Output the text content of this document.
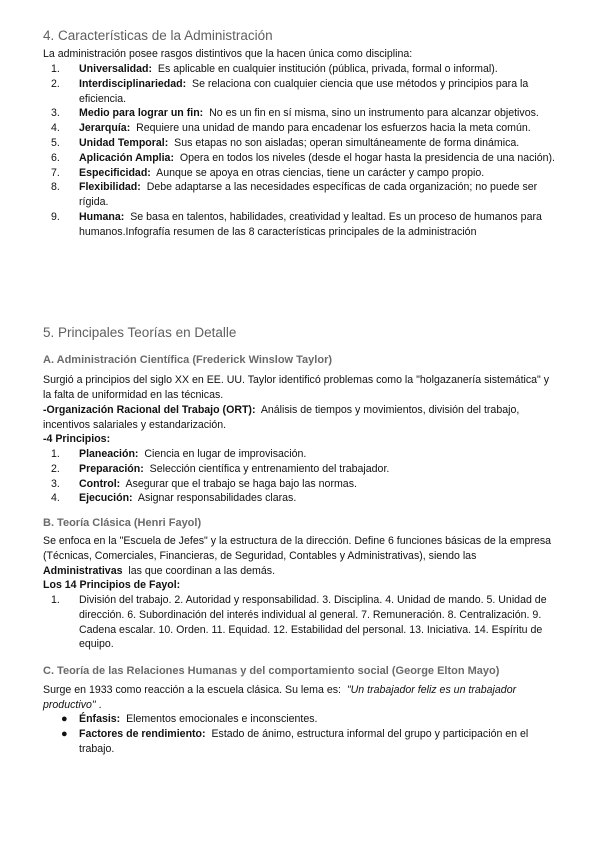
4. Características de la Administración

La administración posee rasgos distintivos que la hacen única como disciplina:

1. Universalidad: Es aplicable en cualquier institución (pública, privada, formal o informal).
2. Interdisciplinariedad: Se relaciona con cualquier ciencia que use métodos y principios para la eficiencia.
3. Medio para lograr un fin: No es un fin en sí misma, sino un instrumento para alcanzar objetivos.
4. Jerarquía: Requiere una unidad de mando para encadenar los esfuerzos hacia la meta común.
5. Unidad Temporal: Sus etapas no son aisladas; operan simultáneamente de forma dinámica.
6. Aplicación Amplia: Opera en todos los niveles (desde el hogar hasta la presidencia de una nación).
7. Especificidad: Aunque se apoya en otras ciencias, tiene un carácter y campo propio.
8. Flexibilidad: Debe adaptarse a las necesidades específicas de cada organización; no puede ser rígida.
9. Humana: Se basa en talentos, habilidades, creatividad y lealtad. Es un proceso de humanos para humanos.Infografía resumen de las 8 características principales de la administración
5. Principales Teorías en Detalle
A. Administración Científica (Frederick Winslow Taylor)

Surgió a principios del siglo XX en EE. UU. Taylor identificó problemas como la "holgazanería sistemática" y la falta de uniformidad en las técnicas.

-Organización Racional del Trabajo (ORT): Análisis de tiempos y movimientos, división del trabajo, incentivos salariales y estandarización.

-4 Principios:

1. Planeación: Ciencia en lugar de improvisación.
2. Preparación: Selección científica y entrenamiento del trabajador.
3. Control: Asegurar que el trabajo se haga bajo las normas.
4. Ejecución: Asignar responsabilidades claras.
B. Teoría Clásica (Henri Fayol)

Se enfoca en la "Escuela de Jefes" y la estructura de la dirección. Define 6 funciones básicas de la empresa (Técnicas, Comerciales, Financieras, de Seguridad, Contables y Administrativas), siendo las  Administrativas las que coordinan a las demás.

Los 14 Principios de Fayol:

1. División del trabajo. 2. Autoridad y responsabilidad. 3. Disciplina. 4. Unidad de mando. 5. Unidad de dirección. 6. Subordinación del interés individual al general. 7. Remuneración. 8. Centralización. 9. Cadena escalar. 10. Orden. 11. Equidad. 12. Estabilidad del personal. 13. Iniciativa. 14. Espíritu de equipo.
C. Teoría de las Relaciones Humanas y del comportamiento social (George Elton Mayo)

Surge en 1933 como reacción a la escuela clásica. Su lema es: "Un trabajador feliz es un trabajador productivo" .

● Énfasis: Elementos emocionales e inconscientes.
● Factores de rendimiento: Estado de ánimo, estructura informal del grupo y participación en el trabajo.
